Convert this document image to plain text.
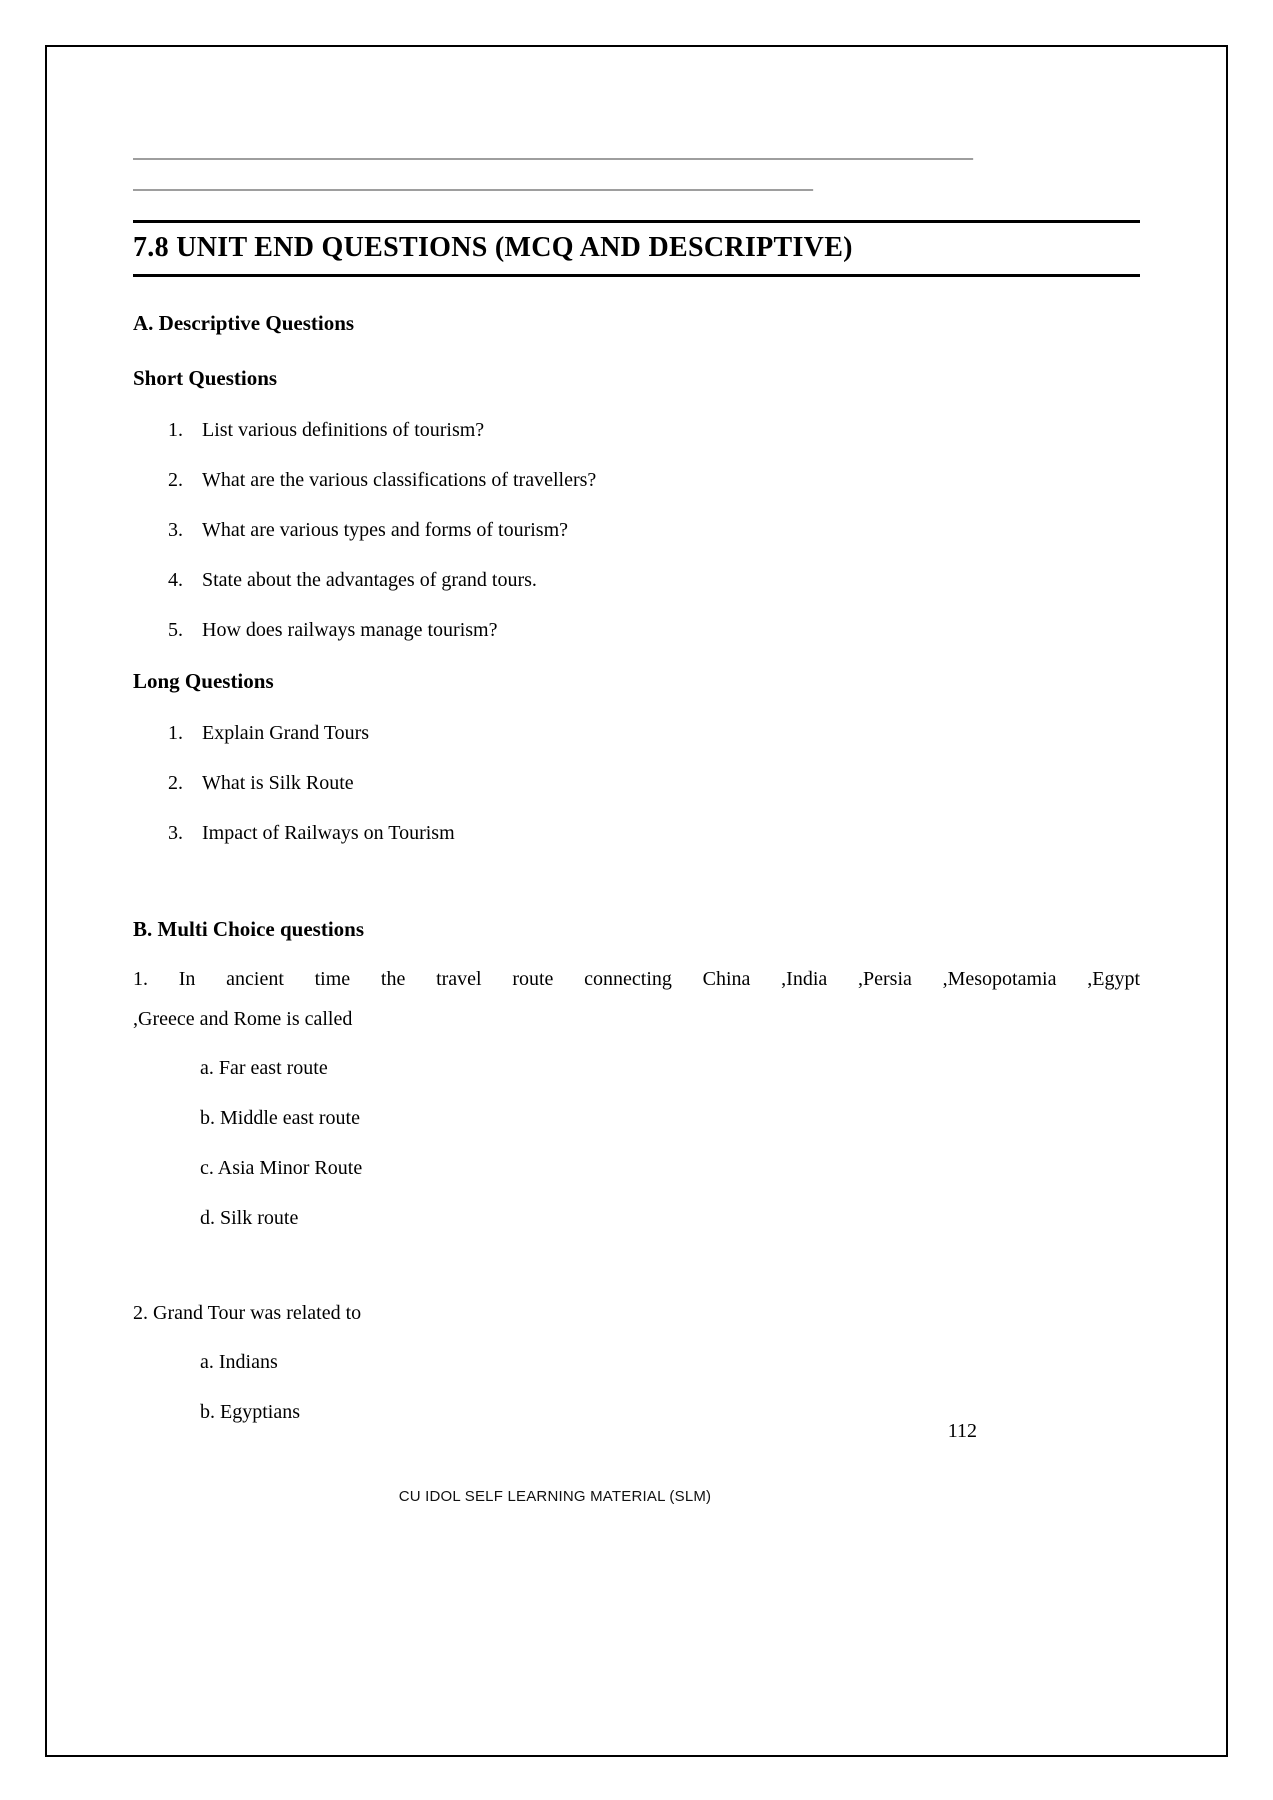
____________________________________________________________________________________
____________________________________________________________________
7.8 UNIT END QUESTIONS (MCQ AND DESCRIPTIVE)
A. Descriptive Questions
Short Questions
1. List various definitions of tourism?
2. What are the various classifications of travellers?
3. What are various types and forms of tourism?
4. State about the advantages of grand tours.
5. How does railways manage tourism?
Long Questions
1. Explain Grand Tours
2. What is Silk Route
3. Impact of Railways on Tourism
B. Multi Choice questions
1. In ancient time the travel route connecting China ,India ,Persia ,Mesopotamia ,Egypt
,Greece and Rome is called
a. Far east route
b. Middle east route
c. Asia Minor Route
d. Silk route
2. Grand Tour was related to
a. Indians
b. Egyptians
112
CU IDOL SELF LEARNING MATERIAL (SLM)
